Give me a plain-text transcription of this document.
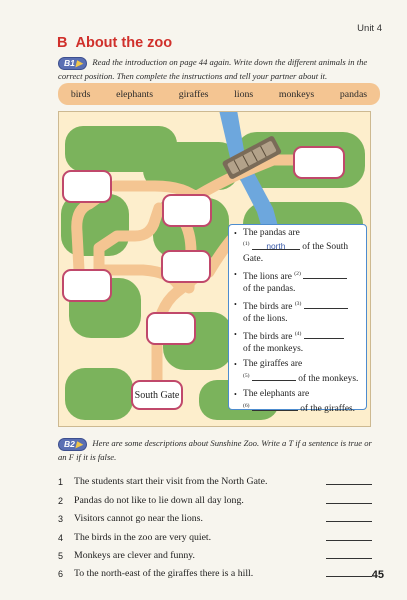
Unit 4
B About the zoo
B1▶ Read the introduction on page 44 again. Write down the different animals in the correct position. Then complete the instructions and tell your partner about it.
birds	elephants	giraffes	lions	monkeys	pandas
South Gate
• The pandas are
$^{(1)}$ north of the South Gate.
• The lions are $^{(2)}$
of the pandas.
• The birds are $^{(3)}$
of the lions.
• The birds are $^{(4)}$
of the monkeys.
• The giraffes are
$^{(5)}$	of the monkeys.
• The elephants are
$^{(6)}$	of the giraffes.
B2▶ Here are some descriptions about Sunshine Zoo. Write a T if a sentence is true or an F if it is false.
1	The students start their visit from the North Gate.
2	Pandas do not like to lie down all day long.
3	Visitors cannot go near the lions.
4	The birds in the zoo are very quiet.
5	Monkeys are clever and funny.
6	To the north-east of the giraffes there is a hill.	45
